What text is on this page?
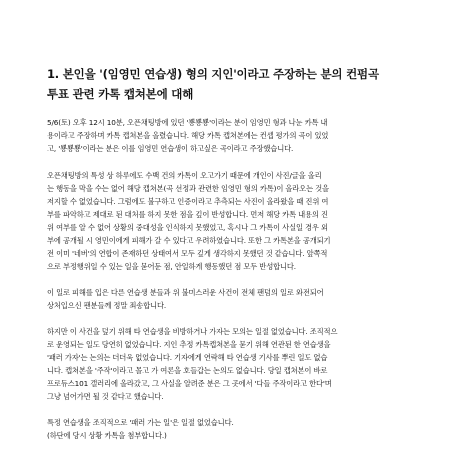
1. 본인을 '(임영민 연습생) 형의 지인'이라고 주장하는 분의 컨펌곡
투표 관련 카톡 캡쳐본에 대해
5/6(토) 오후 12시 10분, 오픈채팅방에 있던 '뿅뿅뿅'이라는 분이 임영민 형과 나눈 카톡 내
용이라고 주장하며 카톡 캡쳐본을 올렸습니다. 해당 카톡 캡쳐본에는 컨셉 평가의 곡이 있었
고, '뿅뿅뿅'이라는 분은 이를 임영민 연습생이 하고싶은 곡이라고 주장했습니다.
오픈채팅방의 특성 상 하루에도 수백 건의 카톡이 오고가기 때문에 개인이 사진/글을 올리
는 행동을 막을 수는 없어 해당 캡쳐본(곡 선정과 관련한 임영민 형의 카톡)이 올라오는 것을
저지할 수 없었습니다. 그럼에도 불구하고 인증이라고 추측되는 사진이 올라왔을 때 진위 여
부를 파악하고 제대로 된 대처를 하지 못한 점을 깊이 반성합니다. 먼저 해당 카톡 내용의 진
위 여부를 알 수 없어 상황의 중대성을 인식하지 못했었고, 혹시나 그 카톡이 사실일 경우 외
부에 공개될 시 영민이에게 피해가 갈 수 있다고 우려하였습니다. 또한 그 카톡본을 공개되기
전 이미 '네버'의 연합이 존재하던 상태여서 모두 깊게 생각하지 못했던 것 같습니다. 앞쪽적
으로 부정행위일 수 있는 일을 묻어둔 점, 안일하게 행동했던 점 모두 반성합니다.
이 일로 피해를 입은 다른 연습생 분들과 위 불미스러운 사건이 전체 팬덤의 일로 와전되어
상처입으신 팬분들께 정말 죄송합니다.
하지만 이 사건을 덮기 위해 타 연습생을 비방하거나 가자는 모의는 일절 없었습니다. 조직적으
로 운영되는 일도 당연히 없었습니다. 지인 추정 카톡캡쳐본을 묻기 위해 연관된 한 연습생을
'패러 가자'는 논의는 더더욱 없었습니다. 기자에게 연락해 타 연습생 기사를 뿌린 일도 없습
니다. 캡쳐본을 '주작'이라고 몰고 가 여론을 호들갑는 논의도 없습니다. 당일 캡쳐본이 바로
프로듀스101 갤러리에 올라갔고, 그 사실을 알려준 분은 그 곳에서 '다들 주작이라고 한다'며
그냥 넘어가면 될 것 같다고 했습니다.
특정 연습생을 조직적으로 '패러 가는 일'은 일절 없었습니다.
(하단에 당시 상황 카톡을 첨부합니다.)
